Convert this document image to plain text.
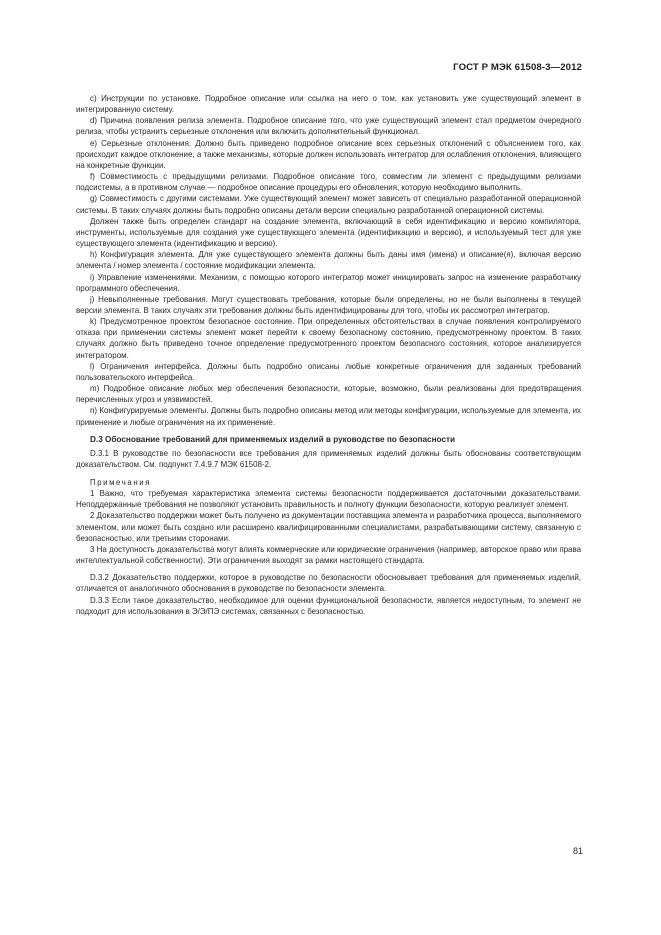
ГОСТ Р МЭК 61508-3—2012

с) Инструкции по установке. Подробное описание или ссылка на него о том, как установить уже существующий элемент в интегрированную систему.

d) Причина появления релиза элемента. Подробное описание того, что уже существующий элемент стал предметом очередного релиза, чтобы устранить серьезные отклонения или включить дополнительный функционал.

е) Серьезные отклонения. Должно быть приведено подробное описание всех серьезных отклонений с объяснением того, как происходит каждое отклонение, а также механизмы, которые должен использовать интегратор для ослабления отклонения, влияющего на конкретные функции.

f) Совместимость с предыдущими релизами. Подробное описание того, совместим ли элемент с предыдущими релизами подсистемы, а в противном случае — подробное описание процедуры его обновления, которую необходимо выполнить.

g) Совместимость с другими системами. Уже существующий элемент может зависеть от специально разработанной операционной системы. В таких случаях должны быть подробно описаны детали версии специально разработанной операционной системы.

Должен также быть определен стандарт на создание элемента, включающий в себя идентификацию и версию компилятора, инструменты, используемые для создания уже существующего элемента (идентификацию и версию), и используемый тест для уже существующего элемента (идентификацию и версию).

h) Конфигурация элемента. Для уже существующего элемента должны быть даны имя (имена) и описание(я), включая версию элемента / номер элемента / состояние модификации элемента.

i) Управление изменениями. Механизм, с помощью которого интегратор может инициировать запрос на изменение разработчику программного обеспечения.

j) Невыполненные требования. Могут существовать требования, которые были определены, но не были выполнены в текущей версии элемента. В таких случаях эти требования должны быть идентифицированы для того, чтобы их рассмотрел интегратор.

k) Предусмотренное проектом безопасное состояние. При определенных обстоятельствах в случае появления контролируемого отказа при применении системы элемент может перейти к своему безопасному состоянию, предусмотренному проектом. В таких случаях должно быть приведено точное определение предусмотренного проектом безопасного состояния, которое анализируется интегратором.

l) Ограничения интерфейса. Должны быть подробно описаны любые конкретные ограничения для заданных требований пользовательского интерфейса.

m) Подробное описание любых мер обеспечения безопасности, которые, возможно, были реализованы для предотвращения перечисленных угроз и уязвимостей.

n) Конфигурируемые элементы. Должны быть подробно описаны метод или методы конфигурации, используемые для элемента, их применение и любые ограничения на их применение.

D.3 Обоснование требований для применяемых изделий в руководстве по безопасности

D.3.1 В руководстве по безопасности все требования для применяемых изделий должны быть обоснованы соответствующим доказательством. См. подпункт 7.4.9.7 МЭК 61508-2.

Примечания

1 Важно, что требуемая характеристика элемента системы безопасности поддерживается достаточными доказательствами. Неподдержанные требования не позволяют установить правильность и полноту функции безопасности, которую реализует элемент.

2 Доказательство поддержки может быть получено из документации поставщика элемента и разработчика процесса, выполняемого элементом, или может быть создано или расширено квалифицированными специалистами, разрабатывающими систему, связанную с безопасностью, или третьими сторонами.

3 На доступность доказательства могут влиять коммерческие или юридические ограничения (например, авторское право или права интеллектуальной собственности). Эти ограничения выходят за рамки настоящего стандарта.

D.3.2 Доказательство поддержки, которое в руководстве по безопасности обосновывает требования для применяемых изделий, отличается от аналогичного обоснования в руководстве по безопасности элемента.

D.3.3 Если такое доказательство, необходимое для оценки функциональной безопасности, является недоступным, то элемент не подходит для использования в Э/Э/ПЭ системах, связанных с безопасностью.

81
